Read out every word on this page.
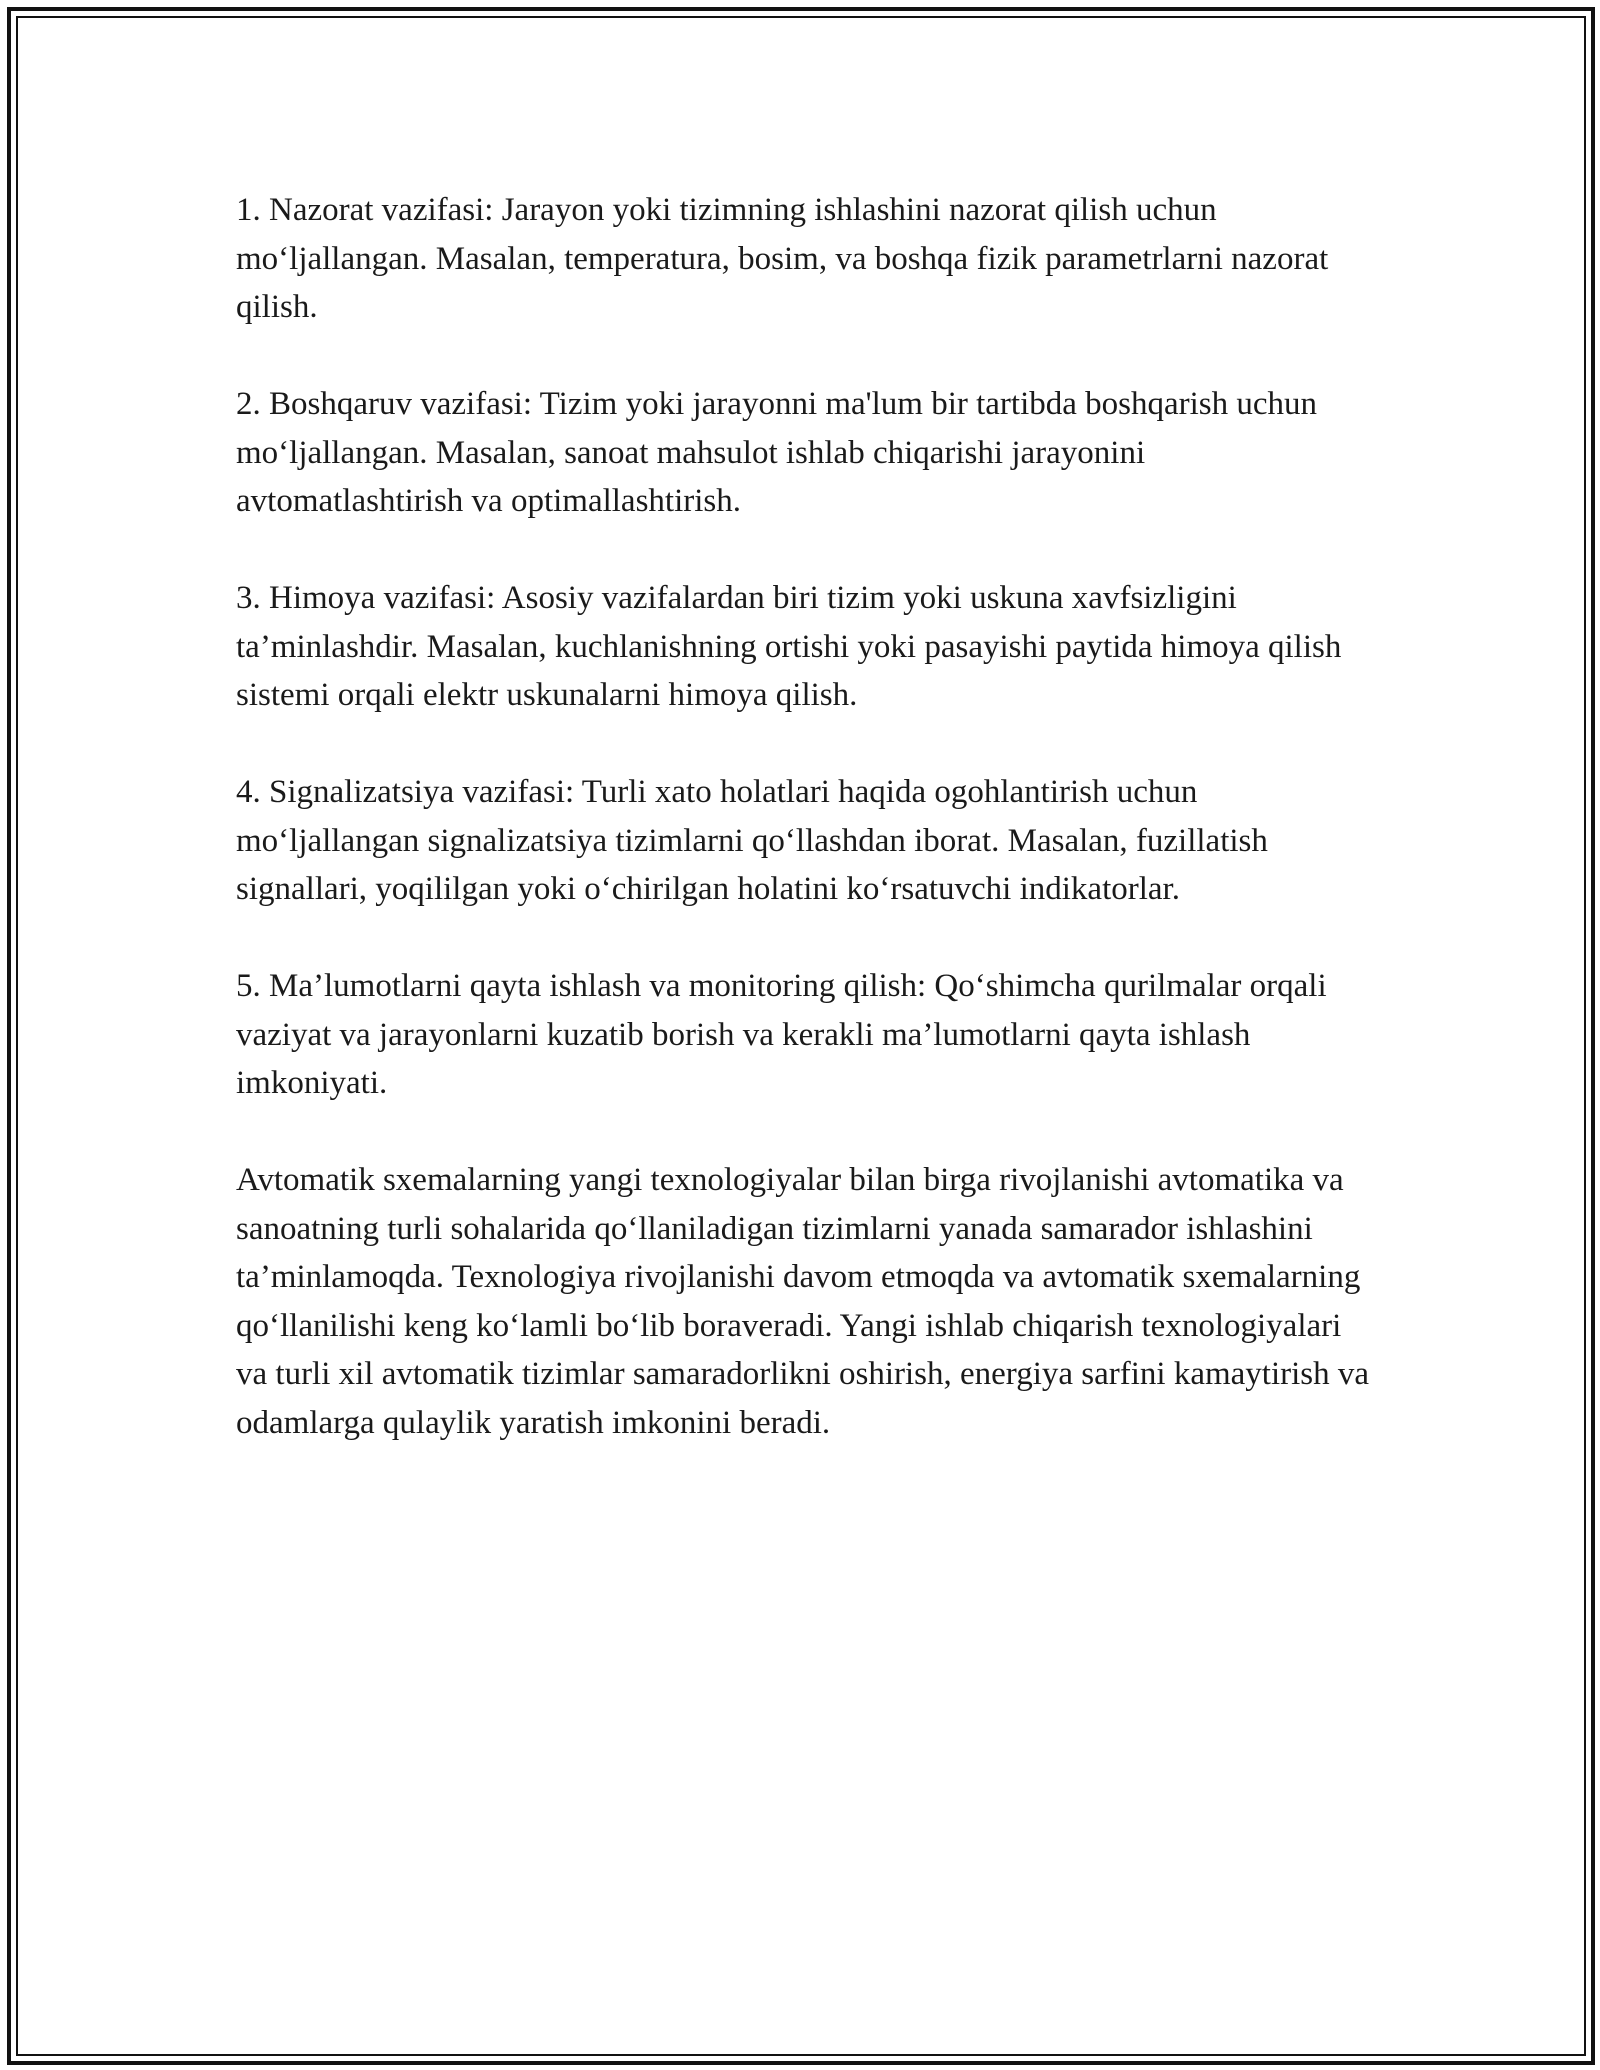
1. Nazorat vazifasi: Jarayon yoki tizimning ishlashini nazorat qilish uchun mo‘ljallangan. Masalan, temperatura, bosim, va boshqa fizik parametrlarni nazorat qilish.

2. Boshqaruv vazifasi: Tizim yoki jarayonni ma'lum bir tartibda boshqarish uchun mo‘ljallangan. Masalan, sanoat mahsulot ishlab chiqarishi jarayonini avtomatlashtirish va optimallashtirish.

3. Himoya vazifasi: Asosiy vazifalardan biri tizim yoki uskuna xavfsizligini ta’minlashdir. Masalan, kuchlanishning ortishi yoki pasayishi paytida himoya qilish sistemi orqali elektr uskunalarni himoya qilish.

4. Signalizatsiya vazifasi: Turli xato holatlari haqida ogohlantirish uchun mo‘ljallangan signalizatsiya tizimlarni qo‘llashdan iborat. Masalan, fuzillatish signallari, yoqililgan yoki o‘chirilgan holatini ko‘rsatuvchi indikatorlar.

5. Ma’lumotlarni qayta ishlash va monitoring qilish: Qo‘shimcha qurilmalar orqali vaziyat va jarayonlarni kuzatib borish va kerakli ma’lumotlarni qayta ishlash imkoniyati.

Avtomatik sxemalarning yangi texnologiyalar bilan birga rivojlanishi avtomatika va sanoatning turli sohalarida qo‘llaniladigan tizimlarni yanada samarador ishlashini ta’minlamoqda. Texnologiya rivojlanishi davom etmoqda va avtomatik sxemalarning qo‘llanilishi keng ko‘lamli bo‘lib boraveradi. Yangi ishlab chiqarish texnologiyalari va turli xil avtomatik tizimlar samaradorlikni oshirish, energiya sarfini kamaytirish va odamlarga qulaylik yaratish imkonini beradi.
